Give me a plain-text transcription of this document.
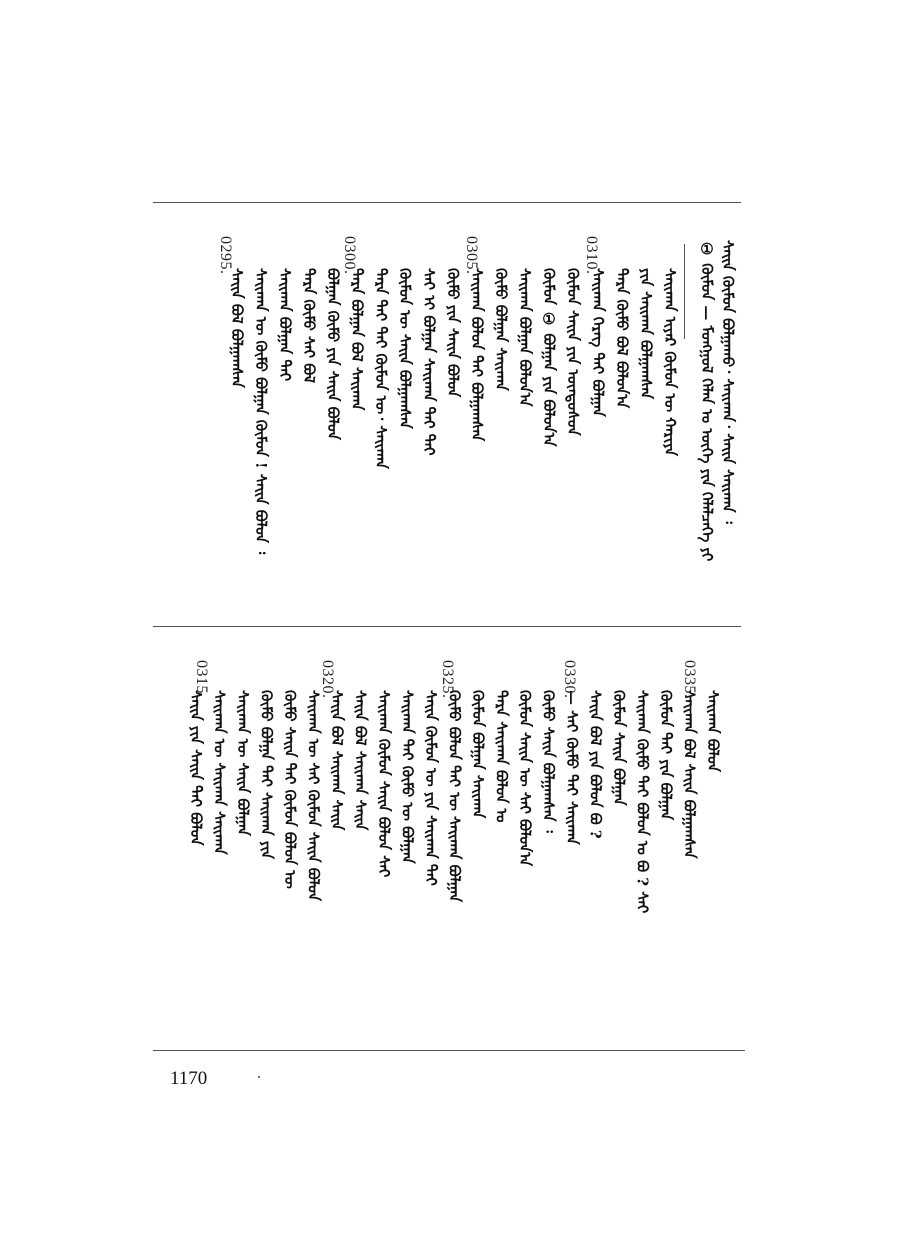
ᠰᠠᠢᠨ ᠬᠦᠮᠦᠨ ᠪᠣᠯᠭᠠᠬᠤ᠂ ᠰᠠᠢᠬᠠᠨ᠂ ᠰᠠᠢᠨ ᠰᠠᠢᠬᠠᠨ ᠄
① ᠬᠦᠮᠦᠨ — ᠮᠣᠩᠭᠣᠯ ᠬᠡᠯᠡᠨ ᠤ ᠦᠭᠡ ᠶᠢᠨ ᠬᠡᠯᠡᠯᠴᠡᠭᠡ ᠶᠢ
ᠰᠠᠢᠬᠠᠨ ᠢᠶᠡᠷ ᠬᠦᠮᠦᠨ ᠦ ᠬᠠᠷᠢᠶᠠ
ᠶᠢᠨ ᠰᠠᠢᠬᠠᠨ ᠪᠣᠯᠭᠠᠭᠰᠠᠨ
ᠲᠡᠷᠡ ᠬᠦᠮᠦ ᠪᠣᠯ ᠪᠣᠯᠤᠨ᠎ᠠ
ᠰᠠᠢᠬᠠᠨ ᠬᠡᠷᠡᠭ ᠲᠡᠢ ᠪᠣᠯᠭᠠᠨ
ᠬᠦᠮᠦᠨ ᠰᠠᠢᠨ ᠶᠢᠨ ᠦᠨᠳᠦᠰᠦᠨ
ᠬᠦᠮᠦᠨ ① ᠪᠣᠯᠭᠠᠨ ᠶᠢᠨ ᠪᠣᠯᠤᠨ᠎ᠠ
ᠰᠠᠢᠬᠠᠨ ᠪᠣᠯᠭᠠᠨ ᠪᠣᠯᠤᠨ᠎ᠠ
ᠬᠦᠮᠦ ᠪᠣᠯᠭᠠᠨ ᠰᠠᠢᠬᠠᠨ
ᠰᠠᠢᠬᠠᠨ ᠪᠣᠯᠤᠨ ᠲᠡᠢ ᠪᠣᠯᠭᠠᠭᠰᠠᠨ
ᠬᠦᠮᠦ ᠶᠢᠨ ᠰᠠᠢᠨ ᠪᠣᠯᠤᠨ
ᠰᠠᠢ ᠢ ᠪᠣᠯᠭᠠᠨ ᠰᠠᠢᠬᠠᠨ ᠲᠡᠢ ᠲᠡᠢ
ᠬᠦᠮᠦᠨ ᠦ ᠰᠠᠢᠨ ᠪᠣᠯᠭᠠᠭᠰᠠᠨ
ᠲᠡᠷᠡ ᠲᠡᠢ ᠲᠡᠢ ᠬᠦᠮᠦᠨ ᠦ᠂ ᠰᠠᠢᠬᠠᠨ
ᠲᠡᠷᠡ ᠪᠣᠯᠭᠠᠨ ᠪᠣᠯ ᠰᠠᠢᠬᠠᠨ
ᠪᠣᠯᠭᠠᠨ ᠬᠦᠮᠦ ᠶᠢᠨ ᠰᠠᠢᠨ ᠪᠣᠯᠤᠨ
ᠲᠡᠷᠡ ᠬᠦᠮᠦ ᠰᠠᠢ ᠪᠣᠯ
ᠰᠠᠢᠬᠠᠨ ᠪᠣᠯᠭᠠᠨ ᠲᠡᠢ
ᠰᠠᠢᠬᠠᠨ ᠦ ᠬᠦᠮᠦ ᠪᠣᠯᠭᠠᠨ ᠬᠦᠮᠦᠨ ! ᠰᠠᠢᠨ ᠪᠣᠯᠤᠨ ᠄
ᠰᠠᠢᠨ ᠪᠣᠯ ᠪᠣᠯᠭᠠᠭᠰᠠᠨ
0310.
0305.
0300.
0295.
ᠰᠠᠢᠬᠠᠨ ᠪᠣᠯᠤᠨ
ᠰᠠᠢᠬᠠᠨ ᠪᠣᠯ ᠰᠠᠢᠨ ᠪᠣᠯᠭᠠᠭᠰᠠᠨ
ᠬᠦᠮᠦᠨ ᠲᠡᠢ ᠶᠢᠨ ᠪᠣᠯᠭᠠᠨ
ᠰᠠᠢᠬᠠᠨ ᠬᠦᠮᠦ ᠲᠡᠢ ᠪᠣᠯᠤᠨ ᠤ ᠪᠣ ? ᠰᠠᠢ
ᠬᠦᠮᠦᠨ ᠰᠠᠢᠨ ᠪᠣᠯᠭᠠᠨ
ᠰᠠᠢᠨ ᠪᠣᠯ ᠶᠢᠨ ᠪᠣᠯᠤᠨ ᠪᠣ ?
— ᠰᠠᠢ ᠬᠦᠮᠦ ᠲᠡᠢ ᠰᠠᠢᠬᠠᠨ
ᠬᠦᠮᠦ ᠰᠠᠢᠨ ᠪᠣᠯᠭᠠᠭᠰᠠᠨ ᠄
ᠬᠦᠮᠦᠨ ᠰᠠᠢᠨ ᠦ ᠰᠠᠢ ᠪᠣᠯᠤᠨ᠎ᠠ
ᠲᠡᠷᠡ ᠰᠠᠢᠬᠠᠨ ᠪᠣᠯᠤᠨ ᠤ
ᠬᠦᠮᠦᠨ ᠪᠣᠯᠭᠠᠨ ᠰᠠᠢᠬᠠᠨ
ᠬᠦᠮᠦ ᠪᠣᠯᠤᠨ ᠲᠡᠢ ᠦ ᠰᠠᠢᠬᠠᠨ ᠪᠣᠯᠭᠠᠨ
ᠰᠠᠢᠨ ᠬᠦᠮᠦᠨ ᠦ ᠶᠢᠨ ᠰᠠᠢᠬᠠᠨ ᠲᠡᠢ
ᠰᠠᠢᠬᠠᠨ ᠲᠡᠢ ᠬᠦᠮᠦ ᠦ ᠪᠣᠯᠭᠠᠨ
ᠰᠠᠢᠬᠠᠨ ᠬᠦᠮᠦᠨ ᠰᠠᠢᠨ ᠪᠣᠯᠤᠨ ᠰᠠᠢ
ᠰᠠᠢᠨ ᠪᠣᠯ ᠰᠠᠢᠬᠠᠨ ᠰᠠᠢᠨ
ᠰᠠᠢᠨ ᠪᠣᠯ ᠰᠠᠢᠬᠠᠨ ᠰᠠᠢᠨ
ᠰᠠᠢᠬᠠᠨ ᠦ ᠰᠠᠢ ᠬᠦᠮᠦᠨ ᠰᠠᠢᠨ ᠪᠣᠯᠤᠨ
ᠬᠦᠮᠦ ᠰᠠᠢᠨ ᠲᠡᠢ ᠬᠦᠮᠦᠨ ᠪᠣᠯᠤᠨ ᠦ
ᠬᠦᠮᠦ ᠪᠣᠯᠭᠠ ᠲᠡᠢ ᠰᠠᠢᠬᠠᠨ ᠶᠢᠨ
ᠰᠠᠢᠬᠠᠨ ᠦ ᠰᠠᠢᠨ ᠪᠣᠯᠭᠠᠨ
ᠰᠠᠢᠬᠠᠨ ᠦ ᠰᠠᠢᠬᠠᠨ ᠰᠠᠢᠬᠠᠨ
ᠰᠠᠢᠨ ᠶᠢᠨ ᠰᠠᠢᠨ ᠲᠡᠢ ᠪᠣᠯᠤᠨ
0335.
0330.
0325.
0320.
0315.
1170
